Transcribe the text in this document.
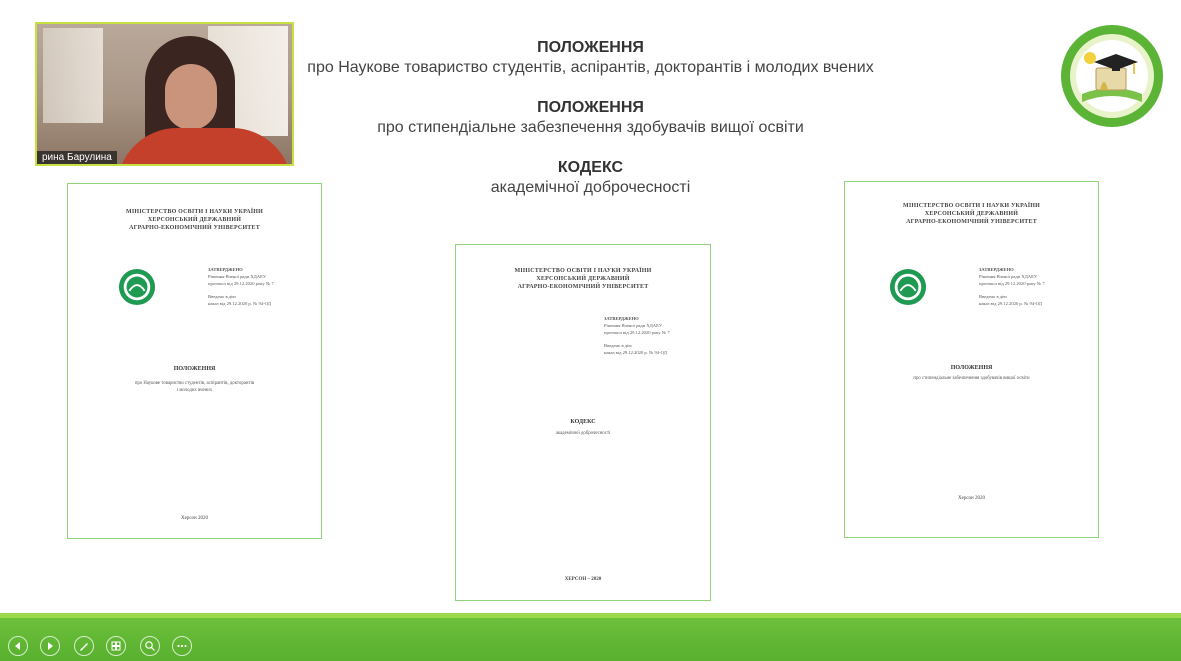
рина Барулина
ПОЛОЖЕННЯ
про Наукове товариство студентів, аспірантів, докторантів і молодих вчених
ПОЛОЖЕННЯ
про стипендіальне забезпечення здобувачів вищої освіти
КОДЕКС
академічної доброчесності
МІНІСТЕРСТВО ОСВІТИ І НАУКИ УКРАЇНИ
ХЕРСОНСЬКИЙ ДЕРЖАВНИЙ
АГРАРНО-ЕКОНОМІЧНИЙ УНІВЕРСИТЕТ
ЗАТВЕРДЖЕНО
Рішення Вченої ради ХДАЕУ
протокол від 29.12.2020 року № 7
Введено в дію
наказ від 29.12.2020 р. № 94-ОД
ПОЛОЖЕННЯ
про Наукове товариство студентів, аспірантів, докторантів
і молодих вчених
Херсон 2020
МІНІСТЕРСТВО ОСВІТИ І НАУКИ УКРАЇНИ
ХЕРСОНСЬКИЙ ДЕРЖАВНИЙ
АГРАРНО-ЕКОНОМІЧНИЙ УНІВЕРСИТЕТ
ЗАТВЕРДЖЕНО
Рішення Вченої ради ХДАЕУ
протокол від 29.12.2020 року № 7
Введено в дію
наказ від 29.12.2020 р. № 94-ОД
КОДЕКС
академічної доброчесності
ХЕРСОН – 2020
МІНІСТЕРСТВО ОСВІТИ І НАУКИ УКРАЇНИ
ХЕРСОНСЬКИЙ ДЕРЖАВНИЙ
АГРАРНО-ЕКОНОМІЧНИЙ УНІВЕРСИТЕТ
ЗАТВЕРДЖЕНО
Рішення Вченої ради ХДАЕУ
протокол від 29.12.2020 року № 7
Введено в дію
наказ від 29.12.2020 р. № 94-ОД
ПОЛОЖЕННЯ
про стипендіальне забезпечення здобувачів вищої освіти
Херсон 2020
